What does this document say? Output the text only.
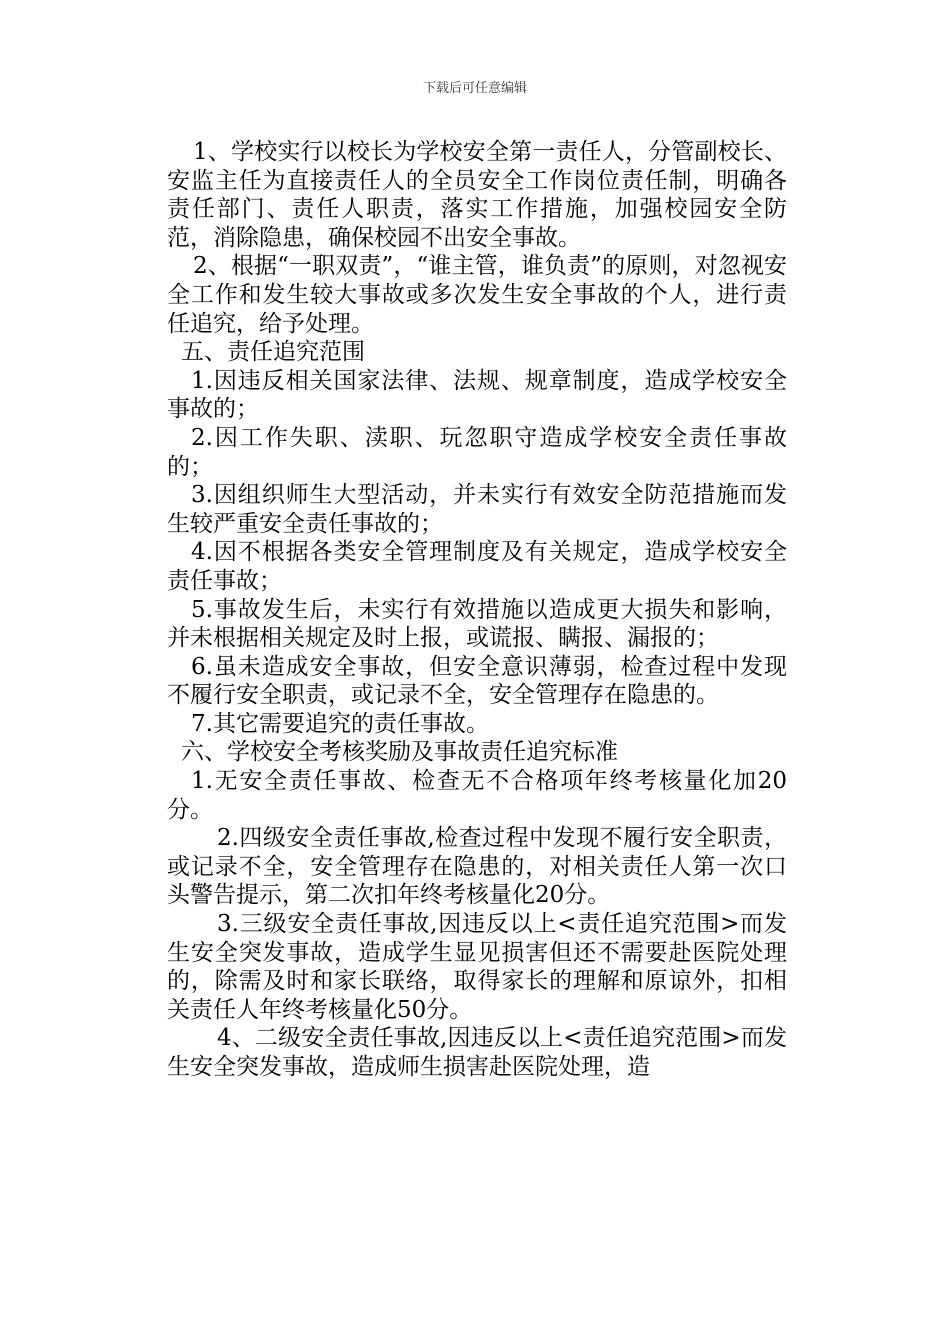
下载后可任意编辑

1、学校实行以校长为学校安全第一责任人，分管副校长、安监主任为直接责任人的全员安全工作岗位责任制，明确各责任部门、责任人职责，落实工作措施，加强校园安全防范，消除隐患，确保校园不出安全事故。

2、根据“一职双责”，“谁主管，谁负责”的原则，对忽视安全工作和发生较大事故或多次发生安全事故的个人，进行责任追究，给予处理。

五、责任追究范围

1.因违反相关国家法律、法规、规章制度，造成学校安全事故的；

2.因工作失职、渎职、玩忽职守造成学校安全责任事故的；

3.因组织师生大型活动，并未实行有效安全防范措施而发生较严重安全责任事故的；

4.因不根据各类安全管理制度及有关规定，造成学校安全责任事故；

5.事故发生后，未实行有效措施以造成更大损失和影响，并未根据相关规定及时上报，或谎报、瞒报、漏报的；

6.虽未造成安全事故，但安全意识薄弱，检查过程中发现不履行安全职责，或记录不全，安全管理存在隐患的。

7.其它需要追究的责任事故。

六、学校安全考核奖励及事故责任追究标准

1.无安全责任事故、检查无不合格项年终考核量化加20分。

2.四级安全责任事故,检查过程中发现不履行安全职责，或记录不全，安全管理存在隐患的，对相关责任人第一次口头警告提示，第二次扣年终考核量化20分。

3.三级安全责任事故,因违反以上<责任追究范围>而发生安全突发事故，造成学生显见损害但还不需要赴医院处理的，除需及时和家长联络，取得家长的理解和原谅外，扣相关责任人年终考核量化50分。

4、二级安全责任事故,因违反以上<责任追究范围>而发生安全突发事故，造成师生损害赴医院处理，造
